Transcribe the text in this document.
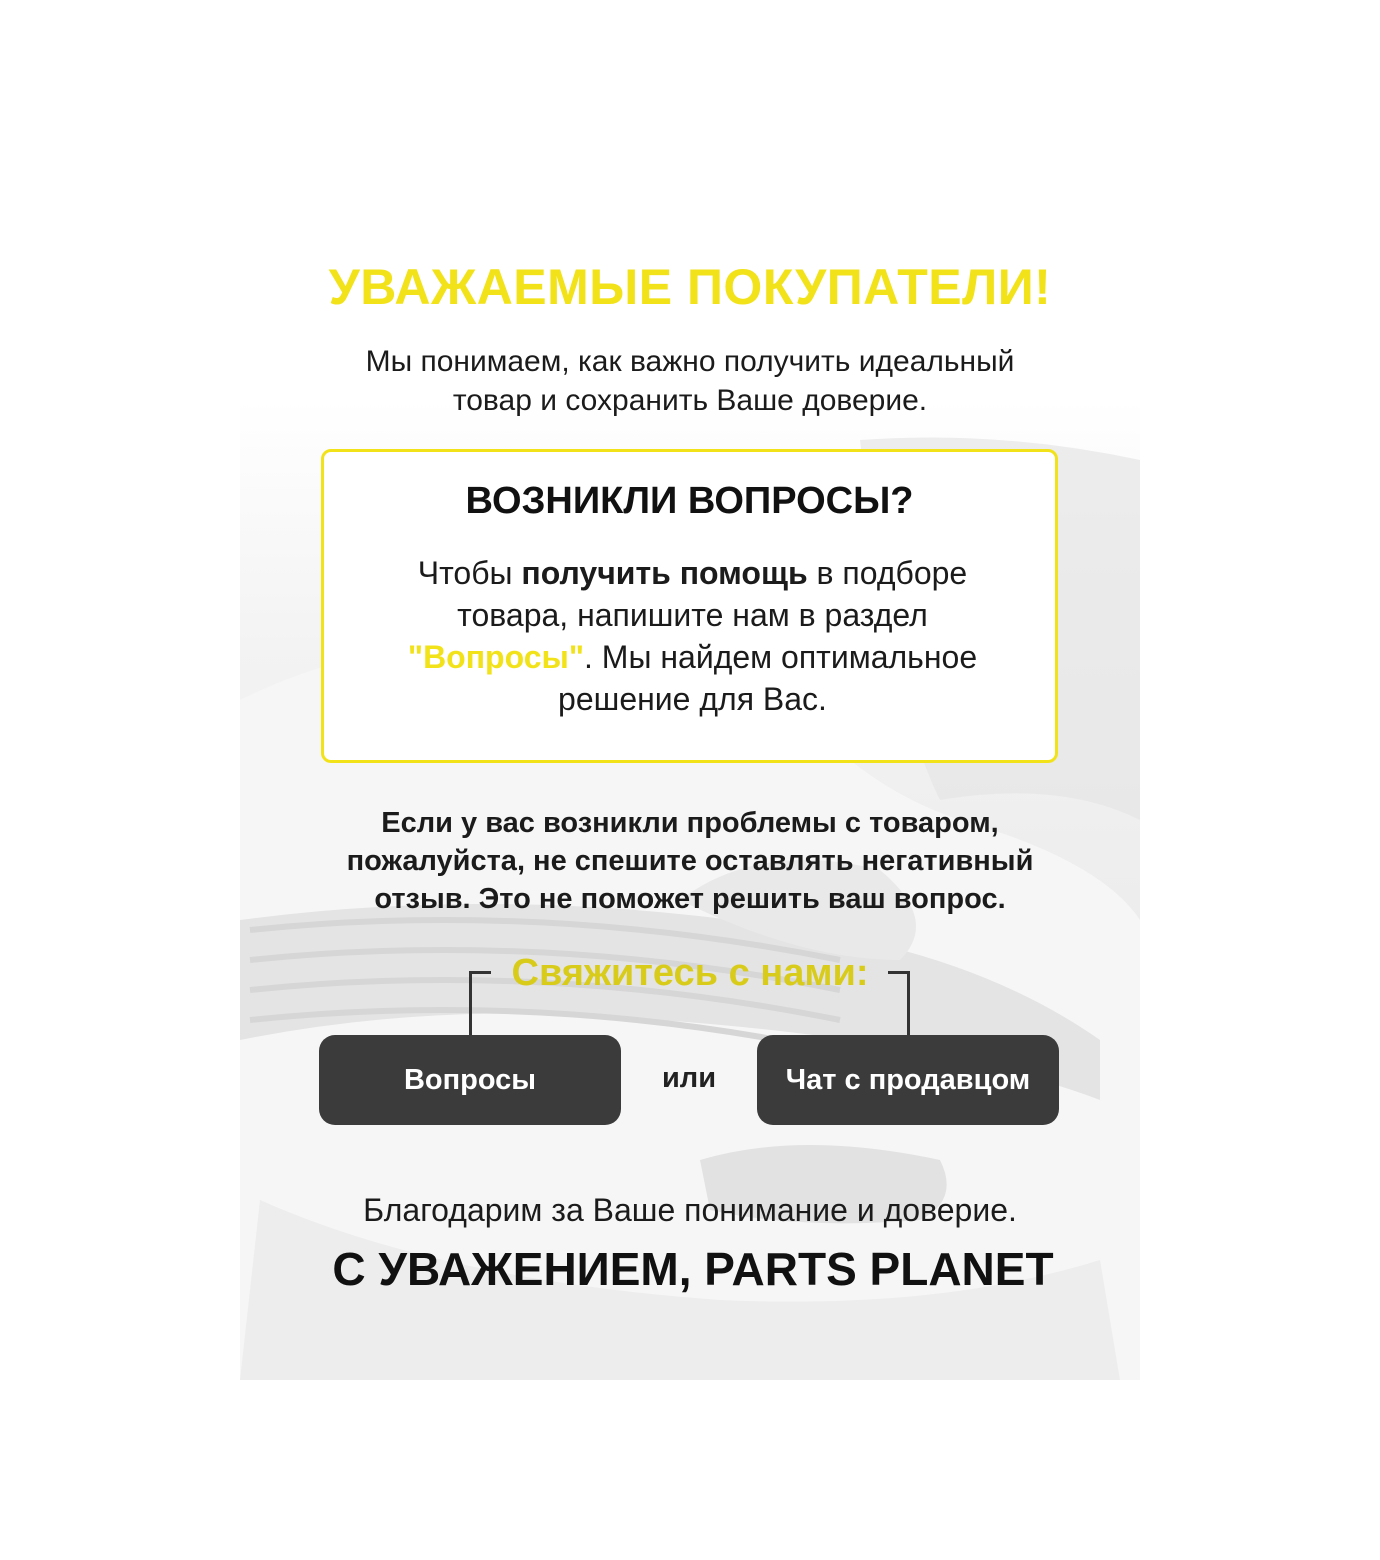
УВАЖАЕМЫЕ ПОКУПАТЕЛИ!
Мы понимаем, как важно получить идеальный
товар и сохранить Ваше доверие.
ВОЗНИКЛИ ВОПРОСЫ?
Чтобы получить помощь в подборе товара, напишите нам в раздел "Вопросы". Мы найдем оптимальное решение для Вас.
Если у вас возникли проблемы с товаром,
пожалуйста, не спешите оставлять негативный
отзыв. Это не поможет решить ваш вопрос.
Свяжитесь с нами:
Вопросы	или	Чат с продавцом
Благодарим за Ваше понимание и доверие.
С УВАЖЕНИЕМ, PARTS PLANET
